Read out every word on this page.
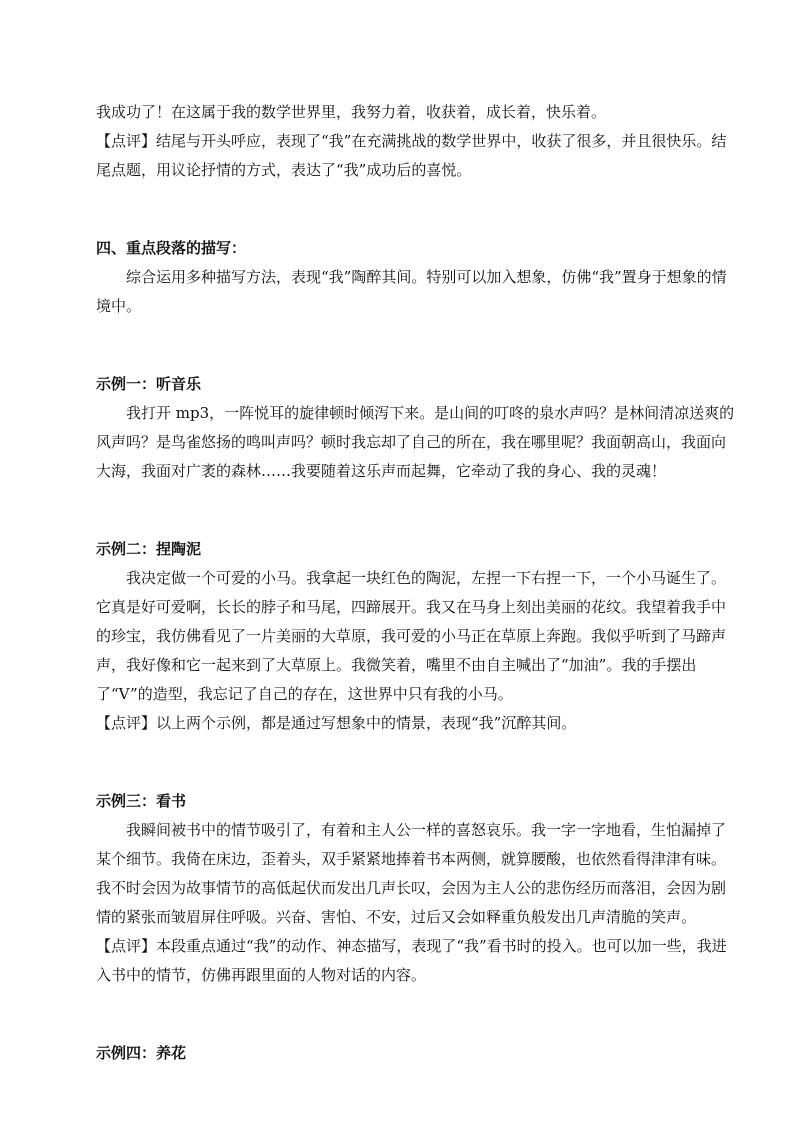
我成功了！在这属于我的数学世界里，我努力着，收获着，成长着，快乐着。

【点评】结尾与开头呼应，表现了“我”在充满挑战的数学世界中，收获了很多，并且很快乐。结尾点题，用议论抒情的方式，表达了“我”成功后的喜悦。

四、重点段落的描写：

综合运用多种描写方法，表现“我”陶醉其间。特别可以加入想象，仿佛“我”置身于想象的情境中。

示例一：听音乐

我打开 mp3，一阵悦耳的旋律顿时倾泻下来。是山间的叮咚的泉水声吗？是林间清凉送爽的风声吗？是鸟雀悠扬的鸣叫声吗？顿时我忘却了自己的所在，我在哪里呢？我面朝高山，我面向大海，我面对广袤的森林……我要随着这乐声而起舞，它牵动了我的身心、我的灵魂！

示例二：捏陶泥

我决定做一个可爱的小马。我拿起一块红色的陶泥，左捏一下右捏一下，一个小马诞生了。它真是好可爱啊，长长的脖子和马尾，四蹄展开。我又在马身上刻出美丽的花纹。我望着我手中的珍宝，我仿佛看见了一片美丽的大草原，我可爱的小马正在草原上奔跑。我似乎听到了马蹄声声，我好像和它一起来到了大草原上。我微笑着，嘴里不由自主喊出了“加油”。我的手摆出了“V”的造型，我忘记了自己的存在，这世界中只有我的小马。

【点评】以上两个示例，都是通过写想象中的情景，表现“我”沉醉其间。

示例三：看书

我瞬间被书中的情节吸引了，有着和主人公一样的喜怒哀乐。我一字一字地看，生怕漏掉了某个细节。我倚在床边，歪着头，双手紧紧地捧着书本两侧，就算腰酸，也依然看得津津有味。我不时会因为故事情节的高低起伏而发出几声长叹，会因为主人公的悲伤经历而落泪，会因为剧情的紧张而皱眉屏住呼吸。兴奋、害怕、不安，过后又会如释重负般发出几声清脆的笑声。

【点评】本段重点通过“我”的动作、神态描写，表现了“我”看书时的投入。也可以加一些，我进入书中的情节，仿佛再跟里面的人物对话的内容。

示例四：养花
